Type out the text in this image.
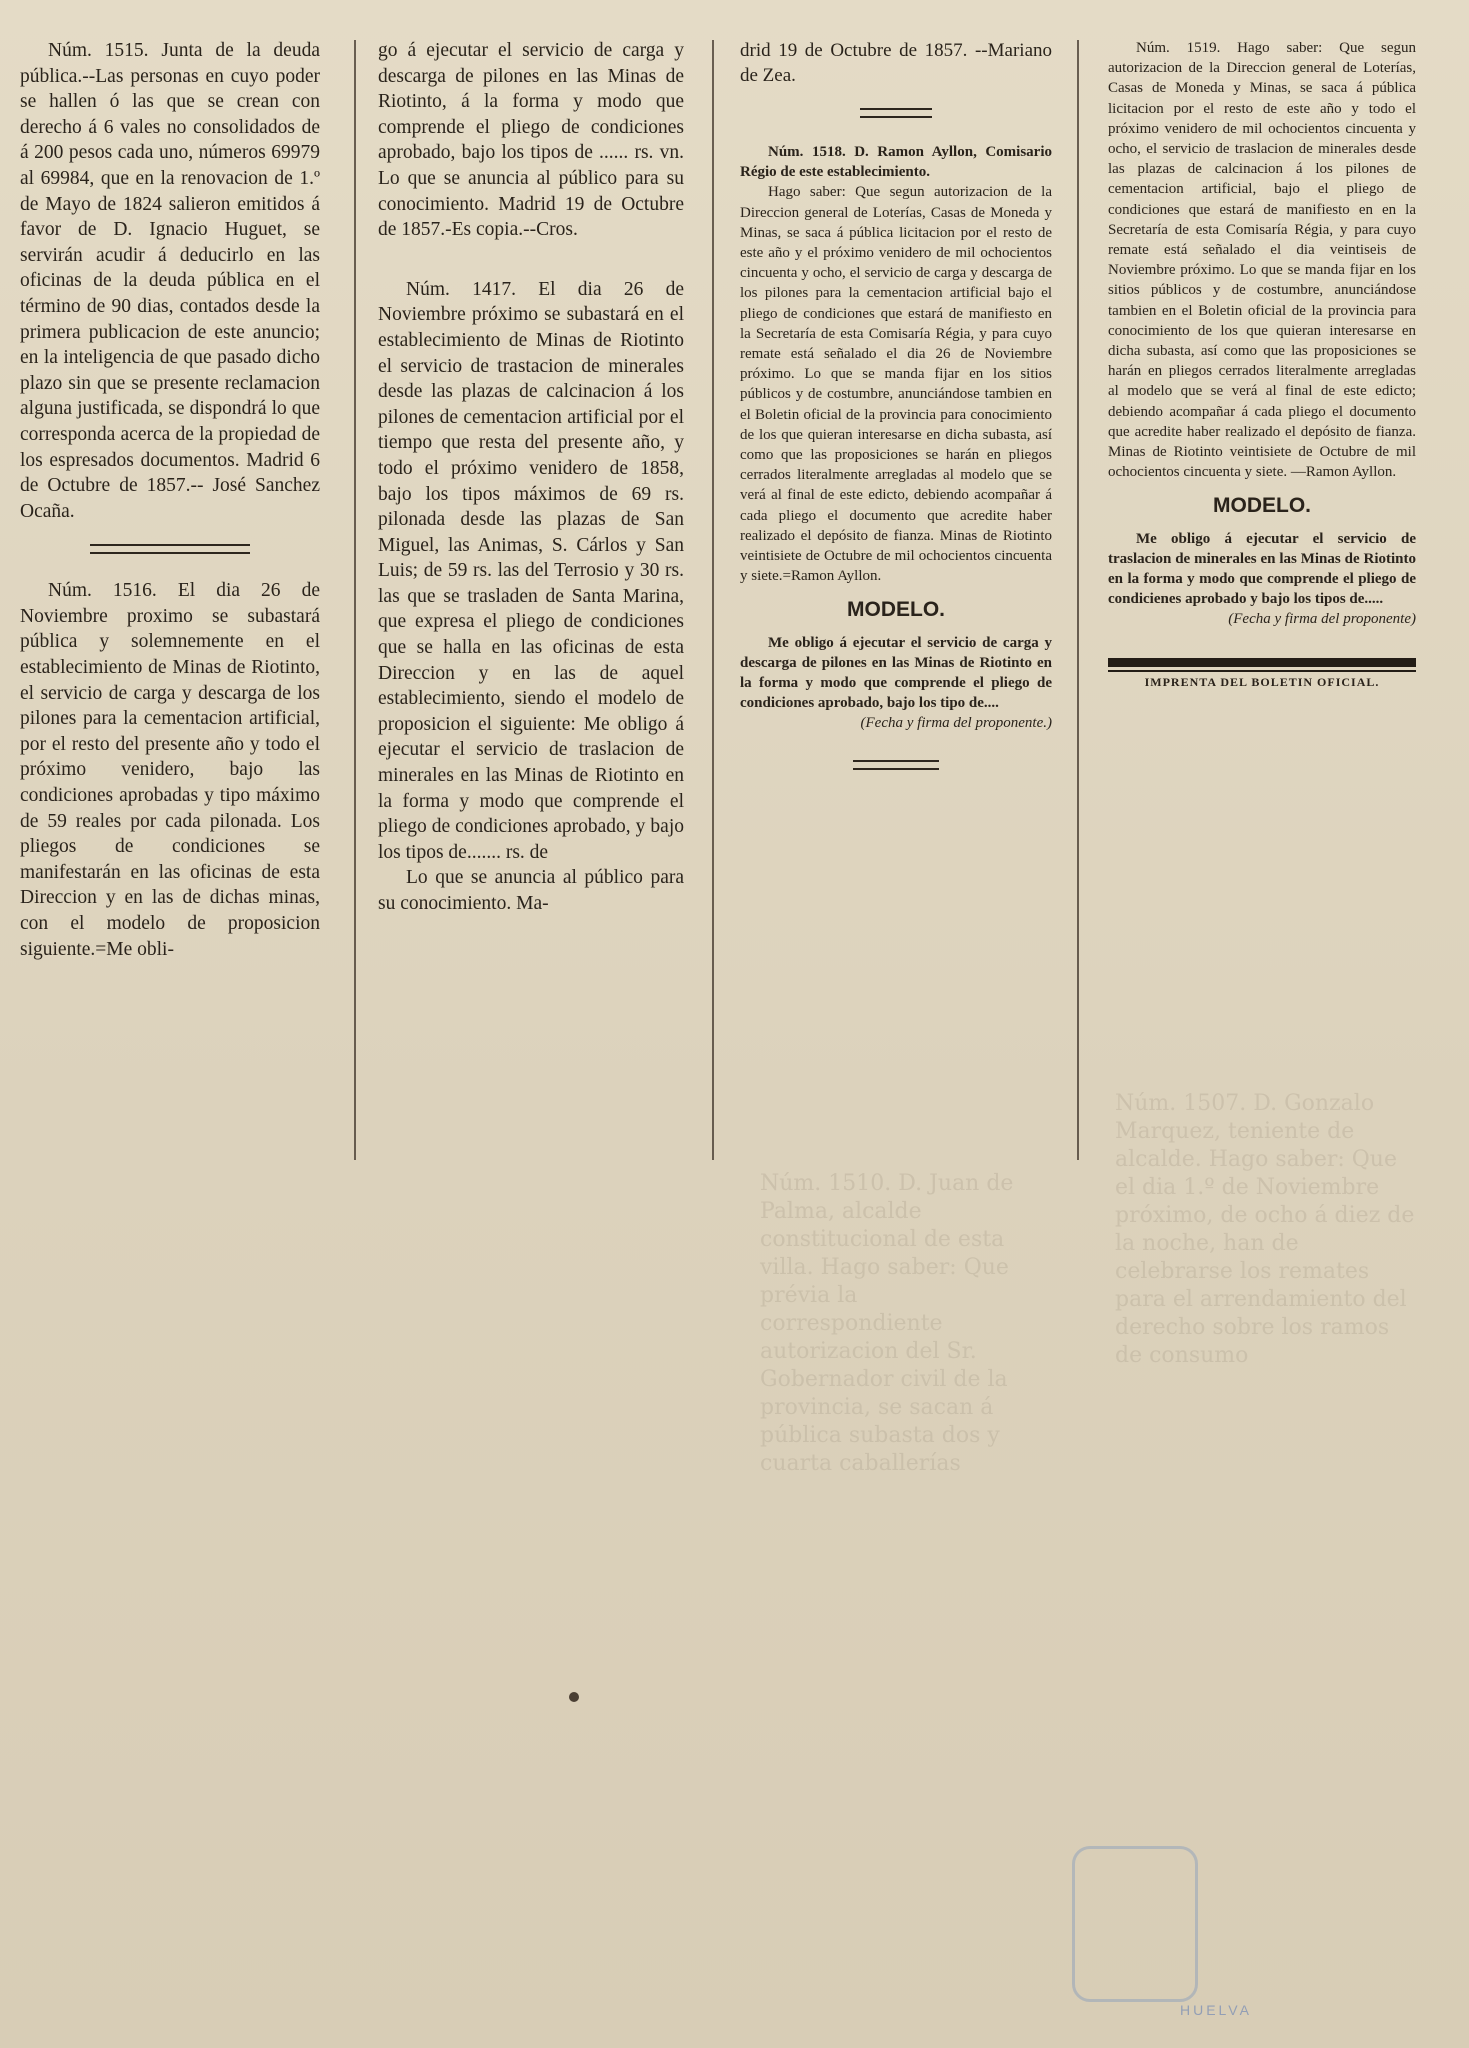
Núm. 1510. D. Juan de Palma, alcalde constitucional de esta villa. Hago saber: Que prévia la correspondiente autorizacion del Sr. Gobernador civil de la provincia, se sacan á pública subasta dos y cuarta caballerías
Núm. 1507. D. Gonzalo Marquez, teniente de alcalde. Hago saber: Que el dia 1.º de Noviembre próximo, de ocho á diez de la noche, han de celebrarse los remates para el arrendamiento del derecho sobre los ramos de consumo

Núm. 1515. Junta de la deuda pública.--Las personas en cuyo poder se hallen ó las que se crean con derecho á 6 vales no consolidados de á 200 pesos cada uno, números 69979 al 69984, que en la renovacion de 1.º de Mayo de 1824 salieron emitidos á favor de D. Ignacio Huguet, se servirán acudir á deducirlo en las oficinas de la deuda pública en el término de 90 dias, contados desde la primera publicacion de este anuncio; en la inteligencia de que pasado dicho plazo sin que se presente reclamacion alguna justificada, se dispondrá lo que corresponda acerca de la propiedad de los espresados documentos. Madrid 6 de Octubre de 1857.-- José Sanchez Ocaña.

Núm. 1516. El dia 26 de Noviembre proximo se subastará pública y solemnemente en el establecimiento de Minas de Riotinto, el servicio de carga y descarga de los pilones para la cementacion artificial, por el resto del presente año y todo el próximo venidero, bajo las condiciones aprobadas y tipo máximo de 59 reales por cada pilonada. Los pliegos de condiciones se manifestarán en las oficinas de esta Direccion y en las de dichas minas, con el modelo de proposicion siguiente.=Me obli-

go á ejecutar el servicio de carga y descarga de pilones en las Minas de Riotinto, á la forma y modo que comprende el pliego de condiciones aprobado, bajo los tipos de ...... rs. vn. Lo que se anuncia al público para su conocimiento. Madrid 19 de Octubre de 1857.-Es copia.--Cros.

Núm. 1417. El dia 26 de Noviembre próximo se subastará en el establecimiento de Minas de Riotinto el servicio de trastacion de minerales desde las plazas de calcinacion á los pilones de cementacion artificial por el tiempo que resta del presente año, y todo el próximo venidero de 1858, bajo los tipos máximos de 69 rs. pilonada desde las plazas de San Miguel, las Animas, S. Cárlos y San Luis; de 59 rs. las del Terrosio y 30 rs. las que se trasladen de Santa Marina, que expresa el pliego de condiciones que se halla en las oficinas de esta Direccion y en las de aquel establecimiento, siendo el modelo de proposicion el siguiente: Me obligo á ejecutar el servicio de traslacion de minerales en las Minas de Riotinto en la forma y modo que comprende el pliego de condiciones aprobado, y bajo los tipos de....... rs. de

Lo que se anuncia al público para su conocimiento. Ma-

drid 19 de Octubre de 1857. --Mariano de Zea.

Núm. 1518. D. Ramon Ayllon, Comisario Régio de este establecimiento.

Hago saber: Que segun autorizacion de la Direccion general de Loterías, Casas de Moneda y Minas, se saca á pública licitacion por el resto de este año y el próximo venidero de mil ochocientos cincuenta y ocho, el servicio de carga y descarga de los pilones para la cementacion artificial bajo el pliego de condiciones que estará de manifiesto en la Secretaría de esta Comisaría Régia, y para cuyo remate está señalado el dia 26 de Noviembre próximo. Lo que se manda fijar en los sitios públicos y de costumbre, anunciándose tambien en el Boletin oficial de la provincia para conocimiento de los que quieran interesarse en dicha subasta, así como que las proposiciones se harán en pliegos cerrados literalmente arregladas al modelo que se verá al final de este edicto, debiendo acompañar á cada pliego el documento que acredite haber realizado el depósito de fianza. Minas de Riotinto veintisiete de Octubre de mil ochocientos cincuenta y siete.=Ramon Ayllon.

MODELO.

Me obligo á ejecutar el servicio de carga y descarga de pilones en las Minas de Riotinto en la forma y modo que comprende el pliego de condiciones aprobado, bajo los tipo de....

(Fecha y firma del proponente.)

Núm. 1519. Hago saber: Que segun autorizacion de la Direccion general de Loterías, Casas de Moneda y Minas, se saca á pública licitacion por el resto de este año y todo el próximo venidero de mil ochocientos cincuenta y ocho, el servicio de traslacion de minerales desde las plazas de calcinacion á los pilones de cementacion artificial, bajo el pliego de condiciones que estará de manifiesto en en la Secretaría de esta Comisaría Régia, y para cuyo remate está señalado el dia veintiseis de Noviembre próximo. Lo que se manda fijar en los sitios públicos y de costumbre, anunciándose tambien en el Boletin oficial de la provincia para conocimiento de los que quieran interesarse en dicha subasta, así como que las proposiciones se harán en pliegos cerrados literalmente arregladas al modelo que se verá al final de este edicto; debiendo acompañar á cada pliego el documento que acredite haber realizado el depósito de fianza. Minas de Riotinto veintisiete de Octubre de mil ochocientos cincuenta y siete. —Ramon Ayllon.

MODELO.

Me obligo á ejecutar el servicio de traslacion de minerales en las Minas de Riotinto en la forma y modo que comprende el pliego de condicienes aprobado y bajo los tipos de.....

(Fecha y firma del proponente)

IMPRENTA DEL BOLETIN OFICIAL.

HUELVA
